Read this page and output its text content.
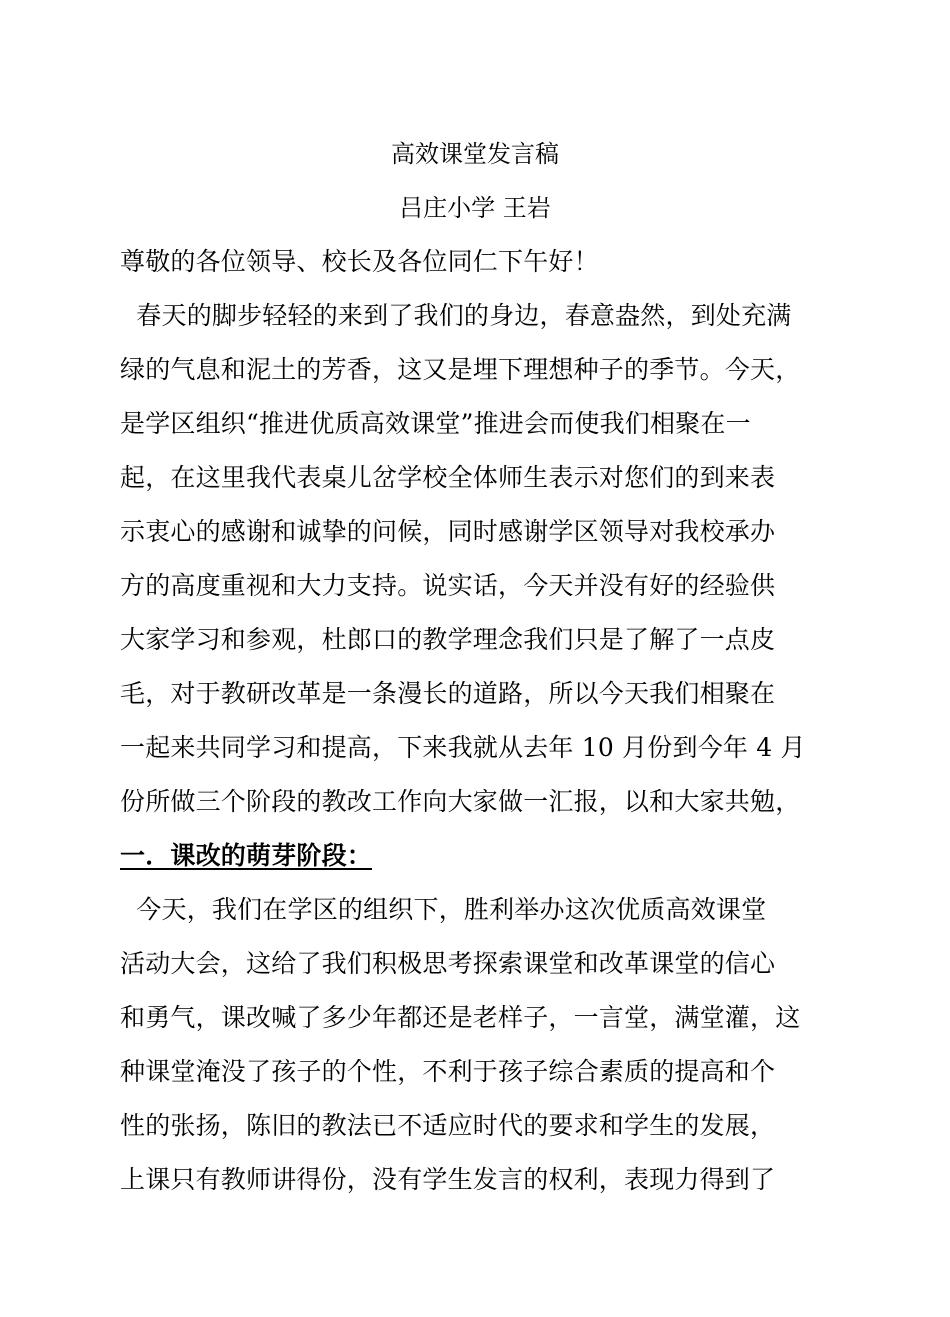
高效课堂发言稿
吕庄小学 王岩
尊敬的各位领导、校长及各位同仁下午好！
春天的脚步轻轻的来到了我们的身边，春意盎然，到处充满
绿的气息和泥土的芳香，这又是埋下理想种子的季节。今天，
是学区组织“推进优质高效课堂”推进会而使我们相聚在一
起，在这里我代表桌儿岔学校全体师生表示对您们的到来表
示衷心的感谢和诚挚的问候，同时感谢学区领导对我校承办
方的高度重视和大力支持。说实话，今天并没有好的经验供
大家学习和参观，杜郎口的教学理念我们只是了解了一点皮
毛，对于教研改革是一条漫长的道路，所以今天我们相聚在
一起来共同学习和提高，下来我就从去年 10 月份到今年 4 月
份所做三个阶段的教改工作向大家做一汇报，以和大家共勉，
一．课改的萌芽阶段：
今天，我们在学区的组织下，胜利举办这次优质高效课堂
活动大会，这给了我们积极思考探索课堂和改革课堂的信心
和勇气，课改喊了多少年都还是老样子，一言堂，满堂灌，这
种课堂淹没了孩子的个性，不利于孩子综合素质的提高和个
性的张扬，陈旧的教法已不适应时代的要求和学生的发展，
上课只有教师讲得份，没有学生发言的权利，表现力得到了
